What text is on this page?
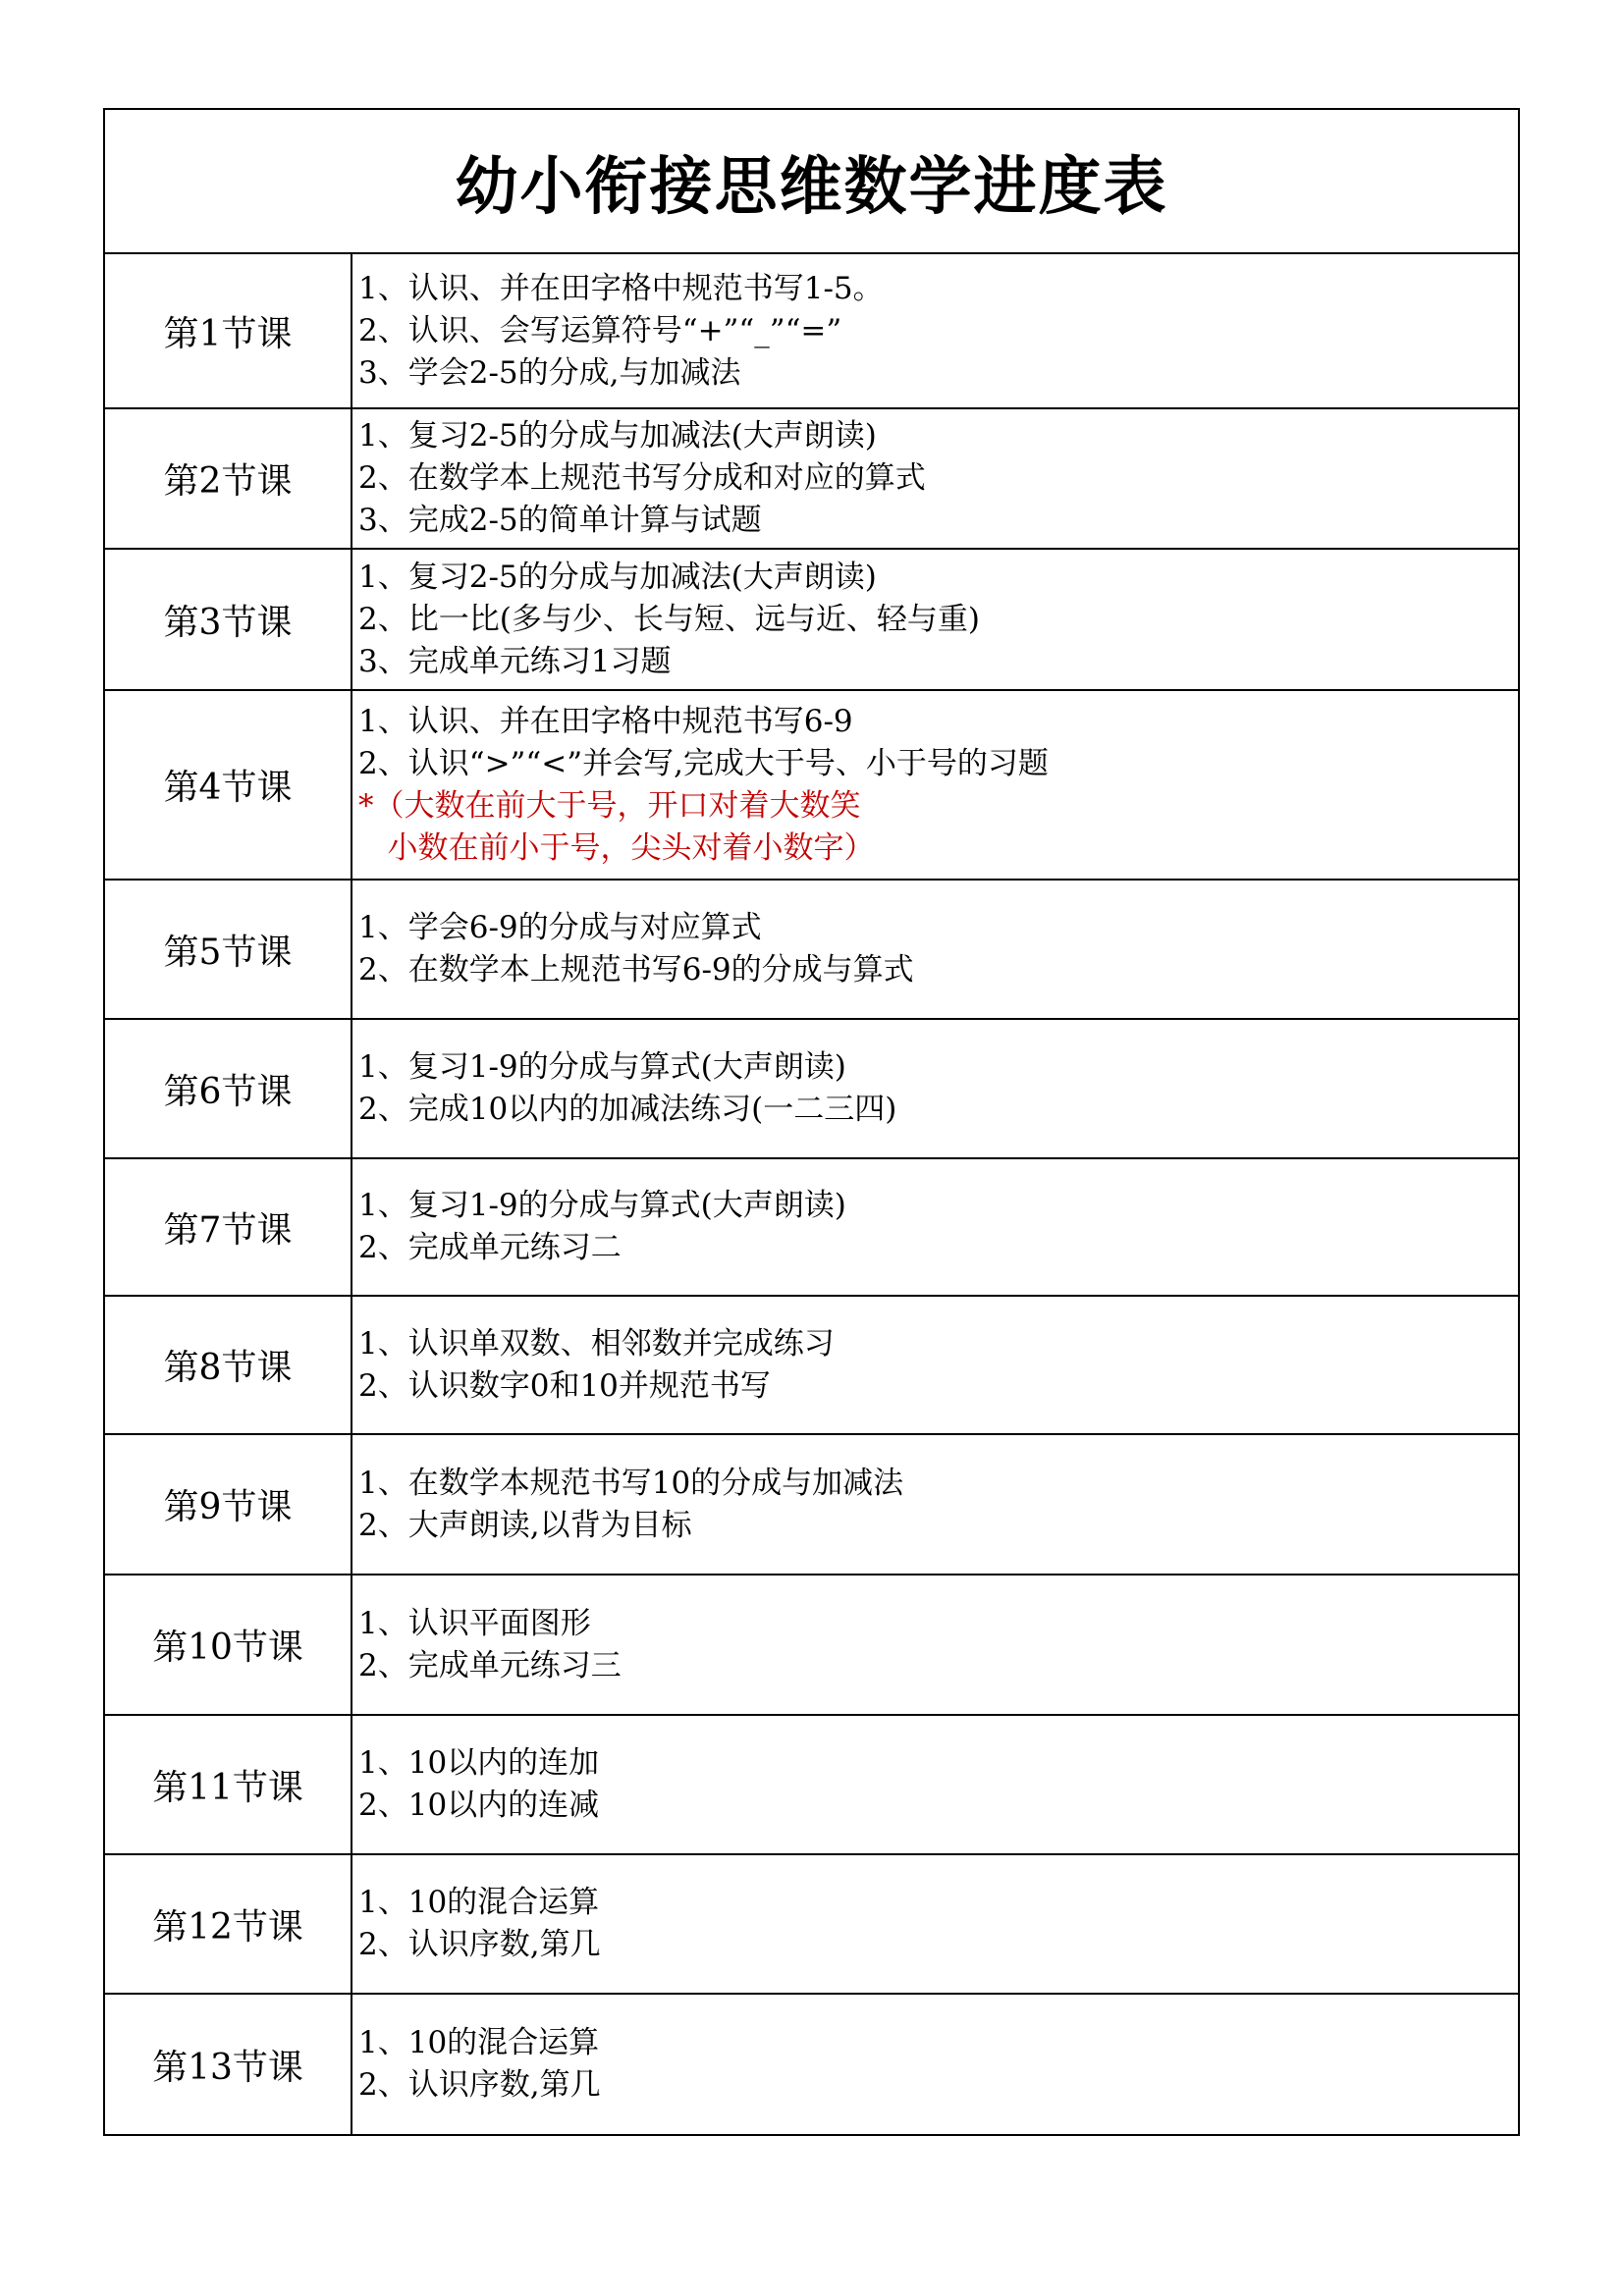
幼小衔接思维数学进度表
第1节课
1、认识、并在田字格中规范书写1-5。
2、认识、会写运算符号“+”“_”“=”
3、学会2-5的分成,与加减法
第2节课
1、复习2-5的分成与加减法(大声朗读)
2、在数学本上规范书写分成和对应的算式
3、完成2-5的简单计算与试题
第3节课
1、复习2-5的分成与加减法(大声朗读)
2、比一比(多与少、长与短、远与近、轻与重)
3、完成单元练习1习题
第4节课
1、认识、并在田字格中规范书写6-9
2、认识“>”“<”并会写,完成大于号、小于号的习题
*（大数在前大于号，开口对着大数笑
小数在前小于号，尖头对着小数字）
第5节课
1、学会6-9的分成与对应算式
2、在数学本上规范书写6-9的分成与算式
第6节课
1、复习1-9的分成与算式(大声朗读)
2、完成10以内的加减法练习(一二三四)
第7节课
1、复习1-9的分成与算式(大声朗读)
2、完成单元练习二
第8节课
1、认识单双数、相邻数并完成练习
2、认识数字0和10并规范书写
第9节课
1、在数学本规范书写10的分成与加减法
2、大声朗读,以背为目标
第10节课
1、认识平面图形
2、完成单元练习三
第11节课
1、10以内的连加
2、10以内的连减
第12节课
1、10的混合运算
2、认识序数,第几
第13节课
1、10的混合运算
2、认识序数,第几
